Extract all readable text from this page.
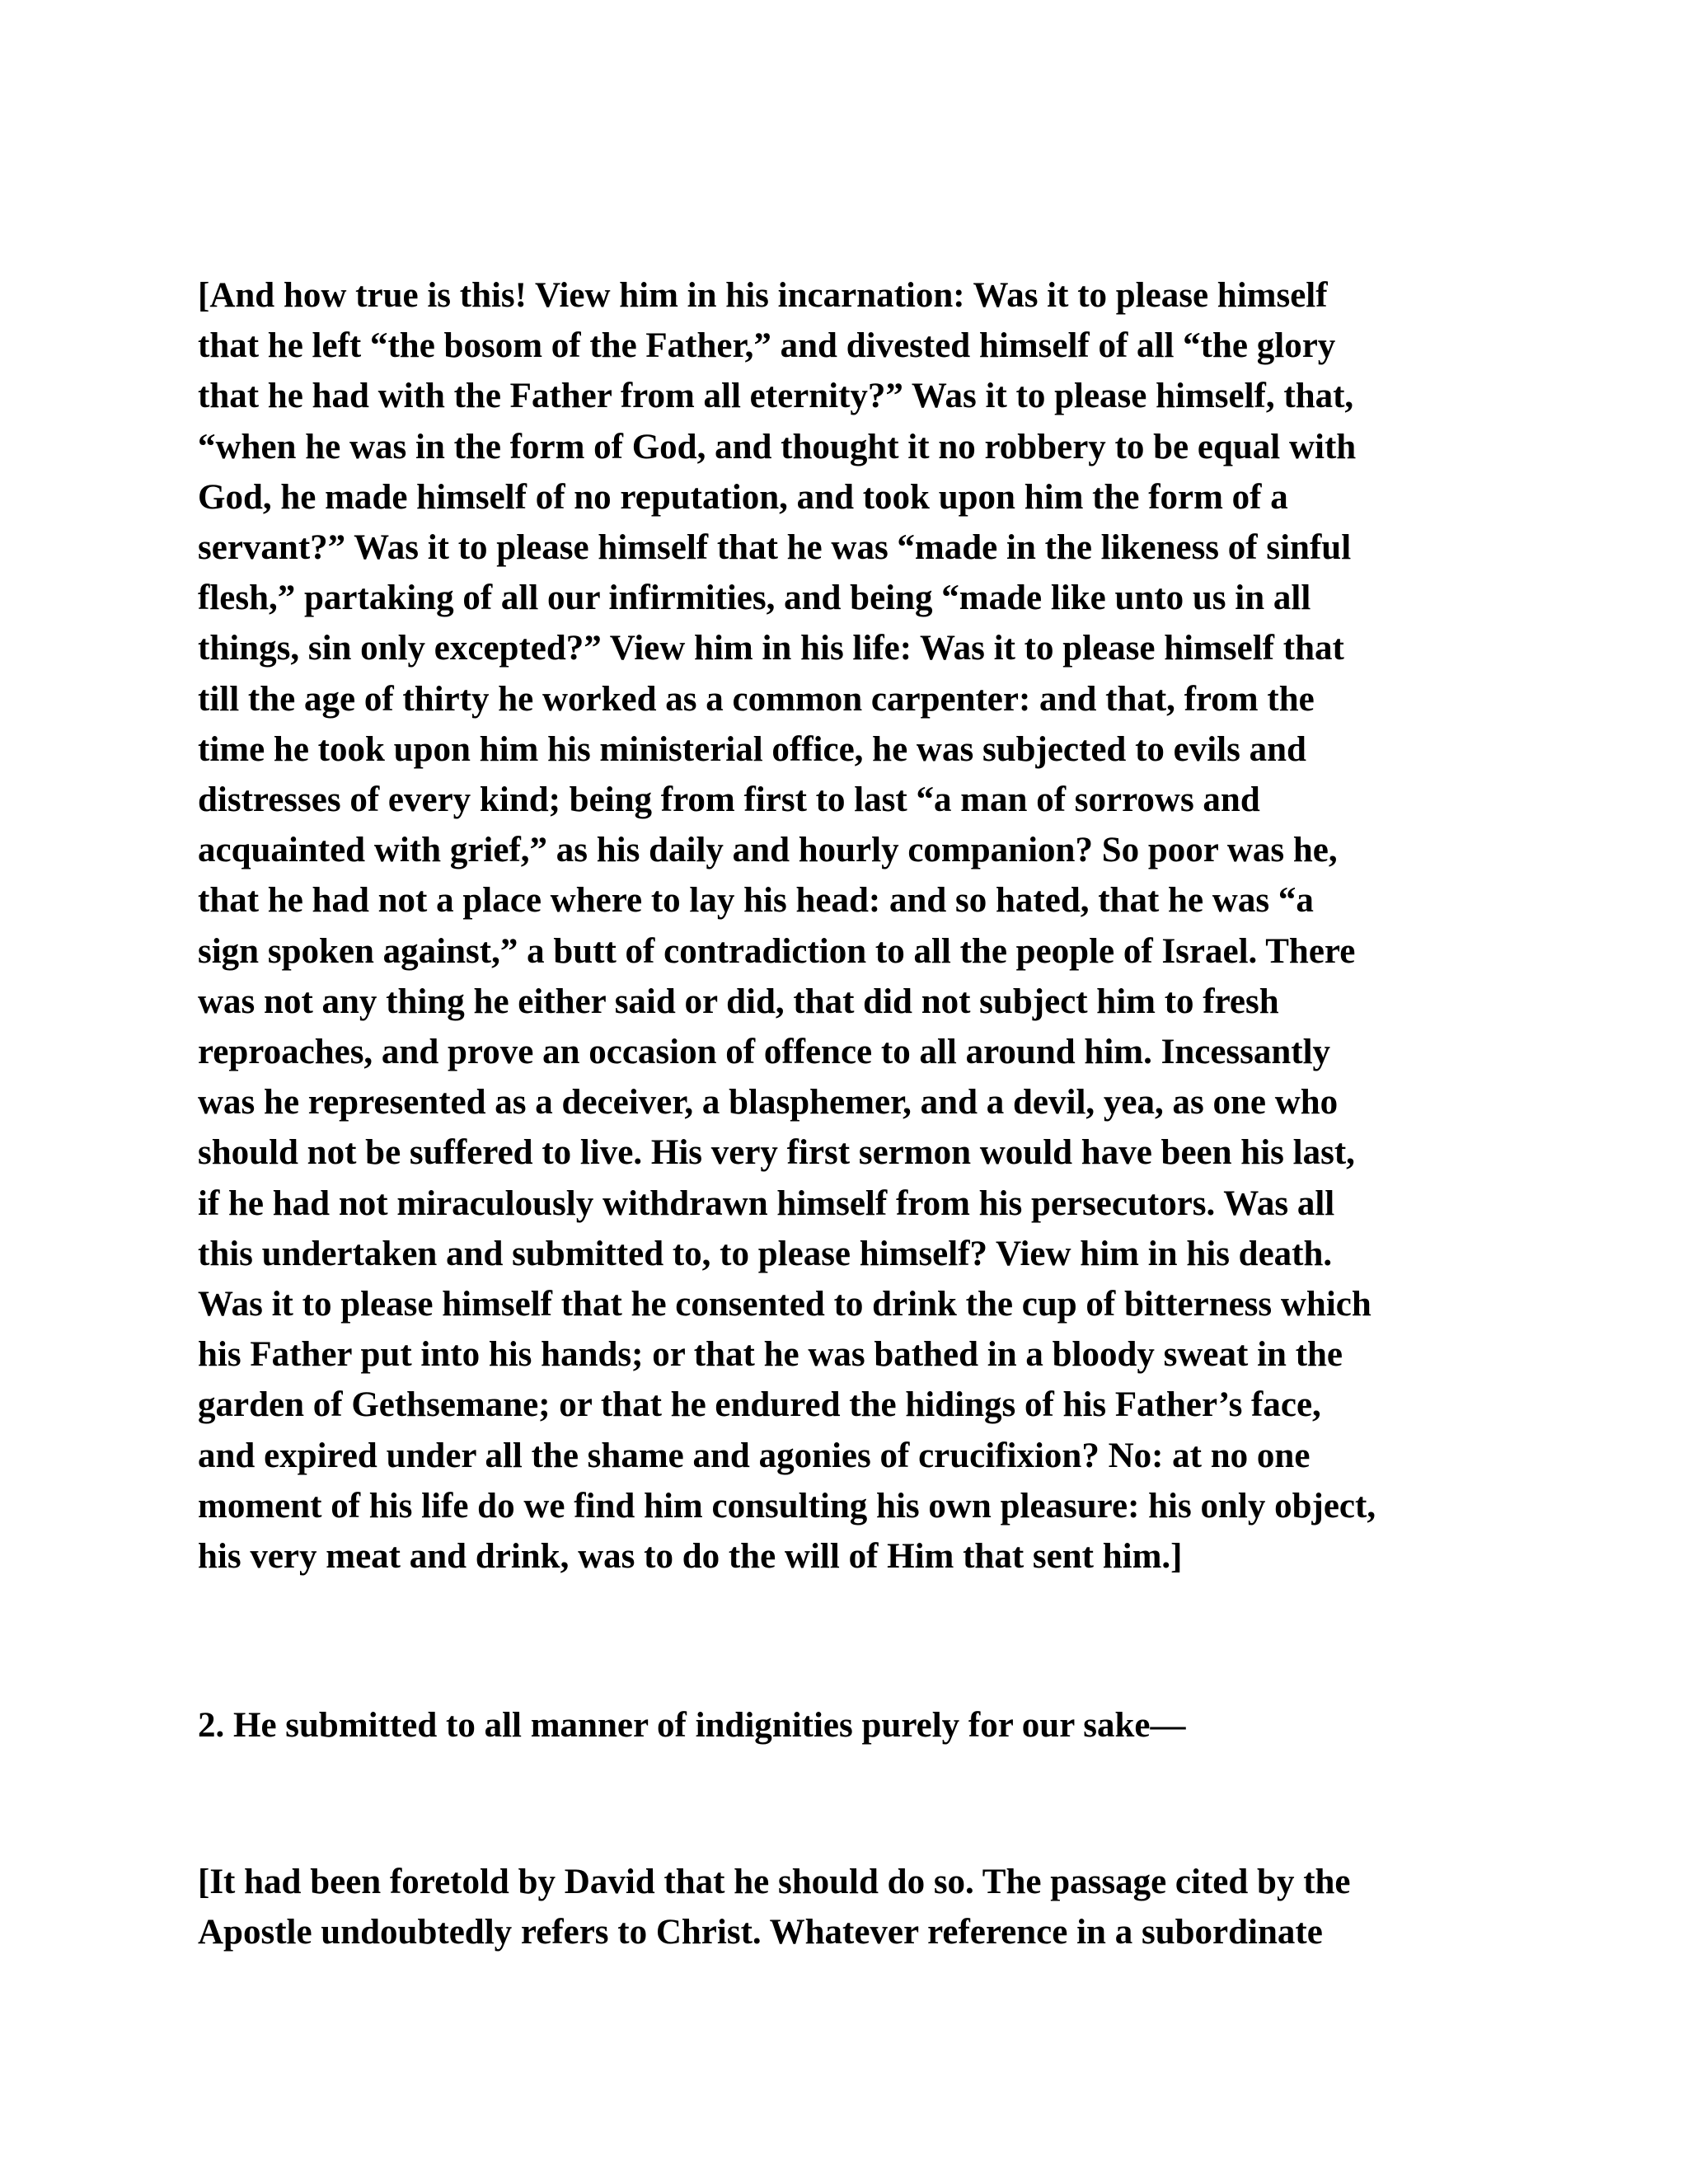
[And how true is this! View him in his incarnation: Was it to please himself
that he left “the bosom of the Father,” and divested himself of all “the glory
that he had with the Father from all eternity?” Was it to please himself, that,
“when he was in the form of God, and thought it no robbery to be equal with
God, he made himself of no reputation, and took upon him the form of a
servant?” Was it to please himself that he was “made in the likeness of sinful
flesh,” partaking of all our infirmities, and being “made like unto us in all
things, sin only excepted?” View him in his life: Was it to please himself that
till the age of thirty he worked as a common carpenter: and that, from the
time he took upon him his ministerial office, he was subjected to evils and
distresses of every kind; being from first to last “a man of sorrows and
acquainted with grief,” as his daily and hourly companion? So poor was he,
that he had not a place where to lay his head: and so hated, that he was “a
sign spoken against,” a butt of contradiction to all the people of Israel. There
was not any thing he either said or did, that did not subject him to fresh
reproaches, and prove an occasion of offence to all around him. Incessantly
was he represented as a deceiver, a blasphemer, and a devil, yea, as one who
should not be suffered to live. His very first sermon would have been his last,
if he had not miraculously withdrawn himself from his persecutors. Was all
this undertaken and submitted to, to please himself? View him in his death.
Was it to please himself that he consented to drink the cup of bitterness which
his Father put into his hands; or that he was bathed in a bloody sweat in the
garden of Gethsemane; or that he endured the hidings of his Father’s face,
and expired under all the shame and agonies of crucifixion? No: at no one
moment of his life do we find him consulting his own pleasure: his only object,
his very meat and drink, was to do the will of Him that sent him.]
2. He submitted to all manner of indignities purely for our sake—
[It had been foretold by David that he should do so. The passage cited by the
Apostle undoubtedly refers to Christ. Whatever reference in a subordinate
